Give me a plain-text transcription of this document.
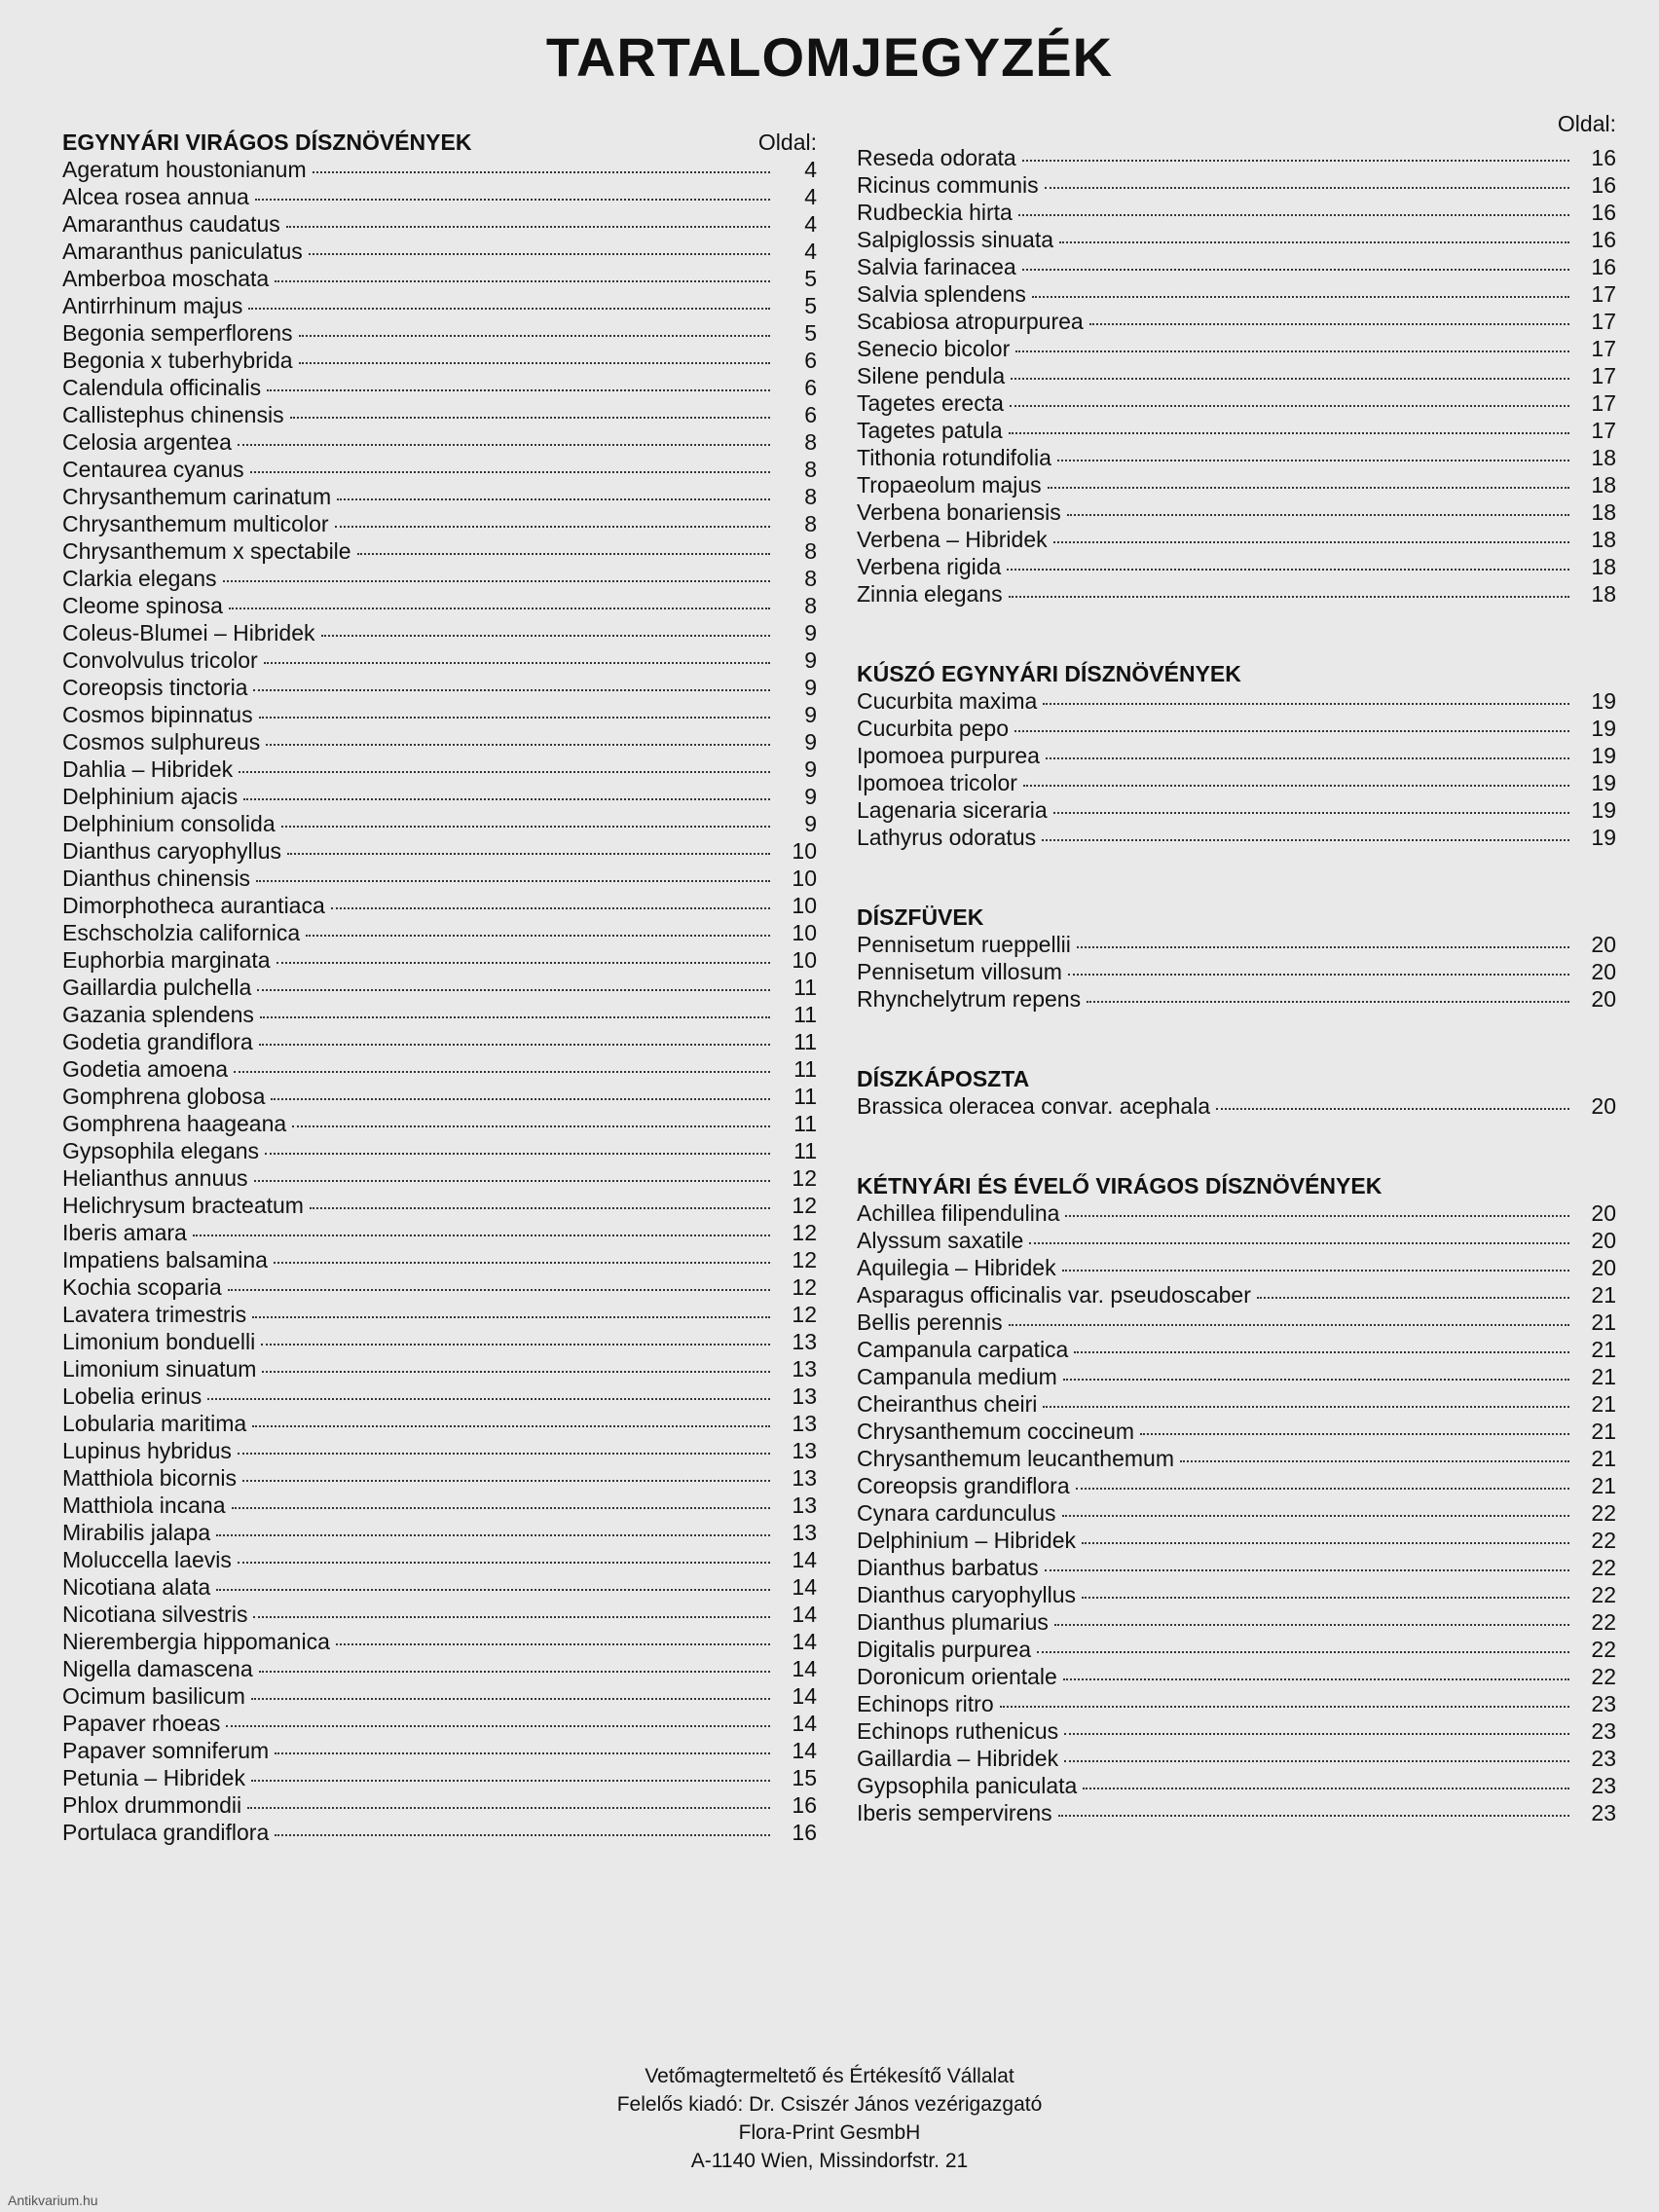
TARTALOMJEGYZÉK
EGYNYÁRI VIRÁGOS DÍSZNÖVÉNYEK	Oldal:
Ageratum houstonianum	4
Alcea rosea annua	4
Amaranthus caudatus	4
Amaranthus paniculatus	4
Amberboa moschata	5
Antirrhinum majus	5
Begonia semperflorens	5
Begonia x tuberhybrida	6
Calendula officinalis	6
Callistephus chinensis	6
Celosia argentea	8
Centaurea cyanus	8
Chrysanthemum carinatum	8
Chrysanthemum multicolor	8
Chrysanthemum x spectabile	8
Clarkia elegans	8
Cleome spinosa	8
Coleus-Blumei – Hibridek	9
Convolvulus tricolor	9
Coreopsis tinctoria	9
Cosmos bipinnatus	9
Cosmos sulphureus	9
Dahlia – Hibridek	9
Delphinium ajacis	9
Delphinium consolida	9
Dianthus caryophyllus	10
Dianthus chinensis	10
Dimorphotheca aurantiaca	10
Eschscholzia californica	10
Euphorbia marginata	10
Gaillardia pulchella	11
Gazania splendens	11
Godetia grandiflora	11
Godetia amoena	11
Gomphrena globosa	11
Gomphrena haageana	11
Gypsophila elegans	11
Helianthus annuus	12
Helichrysum bracteatum	12
Iberis amara	12
Impatiens balsamina	12
Kochia scoparia	12
Lavatera trimestris	12
Limonium bonduelli	13
Limonium sinuatum	13
Lobelia erinus	13
Lobularia maritima	13
Lupinus hybridus	13
Matthiola bicornis	13
Matthiola incana	13
Mirabilis jalapa	13
Moluccella laevis	14
Nicotiana alata	14
Nicotiana silvestris	14
Nierembergia hippomanica	14
Nigella damascena	14
Ocimum basilicum	14
Papaver rhoeas	14
Papaver somniferum	14
Petunia – Hibridek	15
Phlox drummondii	16
Portulaca grandiflora	16
Oldal:
Reseda odorata	16
Ricinus communis	16
Rudbeckia hirta	16
Salpiglossis sinuata	16
Salvia farinacea	16
Salvia splendens	17
Scabiosa atropurpurea	17
Senecio bicolor	17
Silene pendula	17
Tagetes erecta	17
Tagetes patula	17
Tithonia rotundifolia	18
Tropaeolum majus	18
Verbena bonariensis	18
Verbena – Hibridek	18
Verbena rigida	18
Zinnia elegans	18
KÚSZÓ EGYNYÁRI DÍSZNÖVÉNYEK
Cucurbita maxima	19
Cucurbita pepo	19
Ipomoea purpurea	19
Ipomoea tricolor	19
Lagenaria siceraria	19
Lathyrus odoratus	19
DÍSZFÜVEK
Pennisetum rueppellii	20
Pennisetum villosum	20
Rhynchelytrum repens	20
DÍSZKÁPOSZTA
Brassica oleracea convar. acephala	20
KÉTNYÁRI ÉS ÉVELŐ VIRÁGOS DÍSZNÖVÉNYEK
Achillea filipendulina	20
Alyssum saxatile	20
Aquilegia – Hibridek	20
Asparagus officinalis var. pseudoscaber	21
Bellis perennis	21
Campanula carpatica	21
Campanula medium	21
Cheiranthus cheiri	21
Chrysanthemum coccineum	21
Chrysanthemum leucanthemum	21
Coreopsis grandiflora	21
Cynara cardunculus	22
Delphinium – Hibridek	22
Dianthus barbatus	22
Dianthus caryophyllus	22
Dianthus plumarius	22
Digitalis purpurea	22
Doronicum orientale	22
Echinops ritro	23
Echinops ruthenicus	23
Gaillardia – Hibridek	23
Gypsophila paniculata	23
Iberis sempervirens	23
Vetőmagtermeltető és Értékesítő Vállalat
Felelős kiadó: Dr. Csiszér János vezérigazgató
Flora-Print GesmbH
A-1140 Wien, Missindorfstr. 21
Antikvarium.hu
